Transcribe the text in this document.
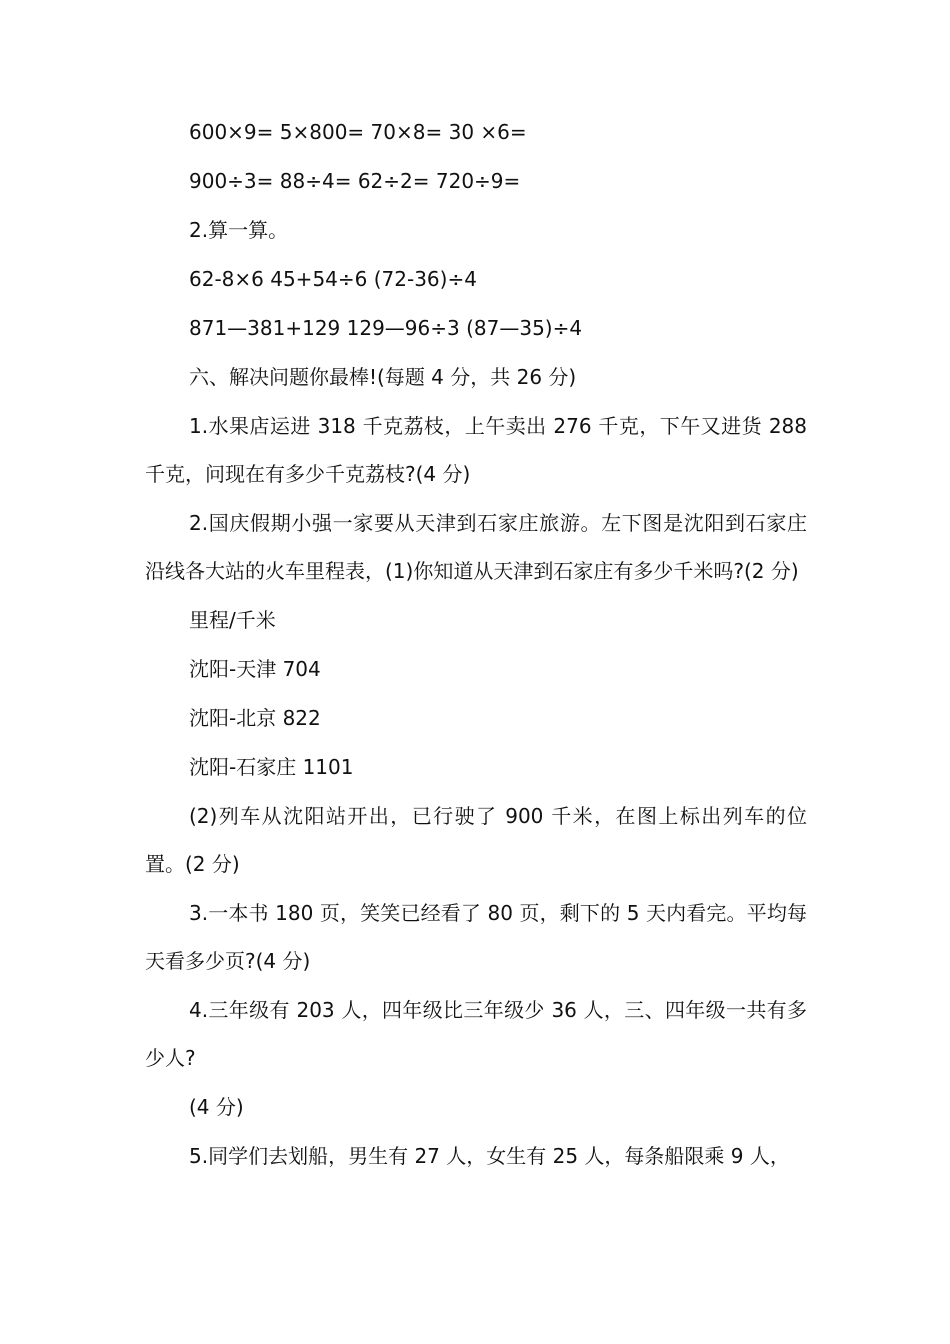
600×9= 5×800= 70×8= 30 ×6=

900÷3= 88÷4= 62÷2= 720÷9=

2.算一算。

62-8×6 45+54÷6 (72-36)÷4

871—381+129 129—96÷3 (87—35)÷4

六、解决问题你最棒!(每题 4 分，共 26 分)

1.水果店运进 318 千克荔枝，上午卖出 276 千克，下午又进货 288 千克，问现在有多少千克荔枝?(4 分)

2.国庆假期小强一家要从天津到石家庄旅游。左下图是沈阳到石家庄沿线各大站的火车里程表，(1)你知道从天津到石家庄有多少千米吗?(2 分)

里程/千米

沈阳-天津 704

沈阳-北京 822

沈阳-石家庄 1101

(2)列车从沈阳站开出，已行驶了 900 千米，在图上标出列车的位置。(2 分)

3.一本书 180 页，笑笑已经看了 80 页，剩下的 5 天内看完。平均每天看多少页?(4 分)

4.三年级有 203 人，四年级比三年级少 36 人，三、四年级一共有多少人?

(4 分)

5.同学们去划船，男生有 27 人，女生有 25 人，每条船限乘 9 人，
